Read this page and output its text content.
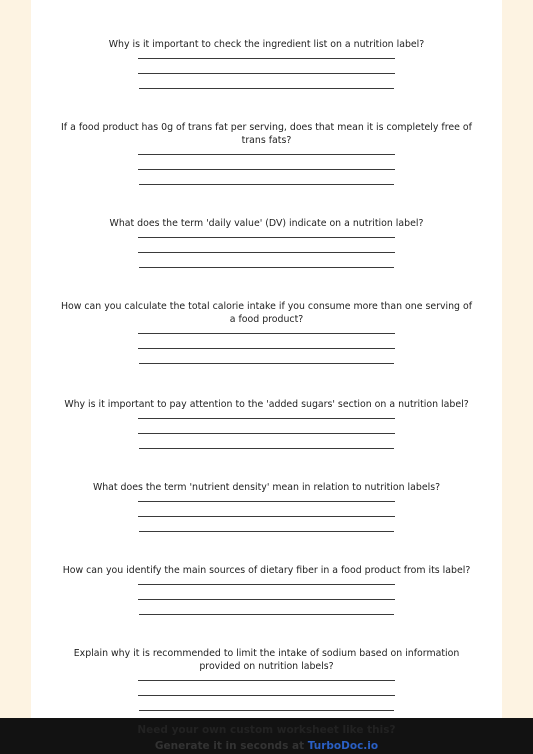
Why is it important to check the ingredient list on a nutrition label?

If a food product has 0g of trans fat per serving, does that mean it is completely free of trans fats?

What does the term 'daily value' (DV) indicate on a nutrition label?

How can you calculate the total calorie intake if you consume more than one serving of a food product?

Why is it important to pay attention to the 'added sugars' section on a nutrition label?

What does the term 'nutrient density' mean in relation to nutrition labels?

How can you identify the main sources of dietary fiber in a food product from its label?

Explain why it is recommended to limit the intake of sodium based on information provided on nutrition labels?

Need your own custom worksheet like this?
Generate it in seconds at TurboDoc.io
